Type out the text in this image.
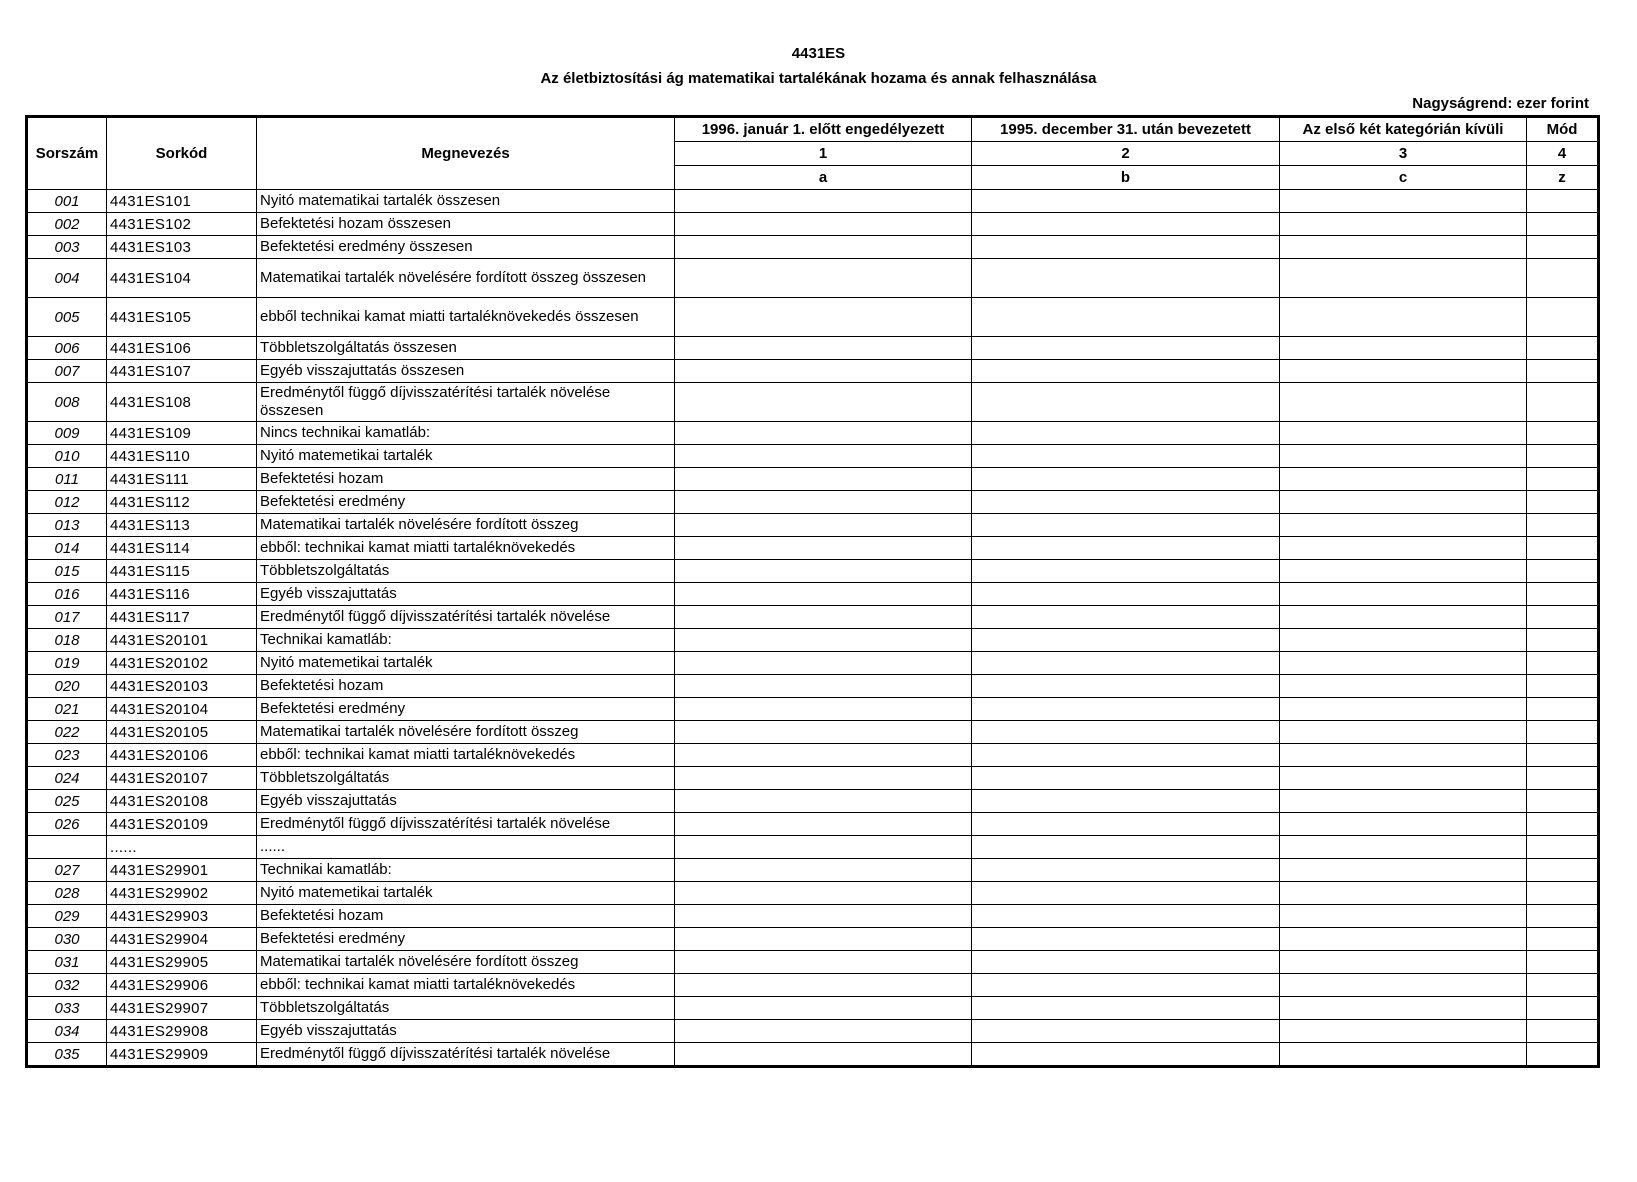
4431ES
Az életbiztosítási ág matematikai tartalékának hozama és annak felhasználása
Nagyságrend: ezer forint
Sorszám	Sorkód	Megnevezés	1996. január 1. előtt engedélyezett	1995. december 31. után bevezetett	Az első két kategórián kívüli	Mód
			1	2	3	4
			a	b	c	z
001	4431ES101	Nyitó matematikai tartalék összesen				
002	4431ES102	Befektetési hozam összesen				
003	4431ES103	Befektetési eredmény összesen				
004	4431ES104	Matematikai tartalék növelésére fordított összeg összesen				
005	4431ES105	ebből technikai kamat miatti tartaléknövekedés összesen				
006	4431ES106	Többletszolgáltatás összesen				
007	4431ES107	Egyéb visszajuttatás összesen				
008	4431ES108	Eredménytől függő díjvisszatérítési tartalék növelése összesen				
009	4431ES109	Nincs technikai kamatláb:				
010	4431ES110	Nyitó matemetikai tartalék				
011	4431ES111	Befektetési hozam				
012	4431ES112	Befektetési eredmény				
013	4431ES113	Matematikai tartalék növelésére fordított összeg				
014	4431ES114	ebből: technikai kamat miatti tartaléknövekedés				
015	4431ES115	Többletszolgáltatás				
016	4431ES116	Egyéb visszajuttatás				
017	4431ES117	Eredménytől függő díjvisszatérítési tartalék növelése				
018	4431ES20101	Technikai kamatláb:				
019	4431ES20102	Nyitó matemetikai tartalék				
020	4431ES20103	Befektetési hozam				
021	4431ES20104	Befektetési eredmény				
022	4431ES20105	Matematikai tartalék növelésére fordított összeg				
023	4431ES20106	ebből: technikai kamat miatti tartaléknövekedés				
024	4431ES20107	Többletszolgáltatás				
025	4431ES20108	Egyéb visszajuttatás				
026	4431ES20109	Eredménytől függő díjvisszatérítési tartalék növelése				
	......	......				
027	4431ES29901	Technikai kamatláb:				
028	4431ES29902	Nyitó matemetikai tartalék				
029	4431ES29903	Befektetési hozam				
030	4431ES29904	Befektetési eredmény				
031	4431ES29905	Matematikai tartalék növelésére fordított összeg				
032	4431ES29906	ebből: technikai kamat miatti tartaléknövekedés				
033	4431ES29907	Többletszolgáltatás				
034	4431ES29908	Egyéb visszajuttatás				
035	4431ES29909	Eredménytől függő díjvisszatérítési tartalék növelése				
